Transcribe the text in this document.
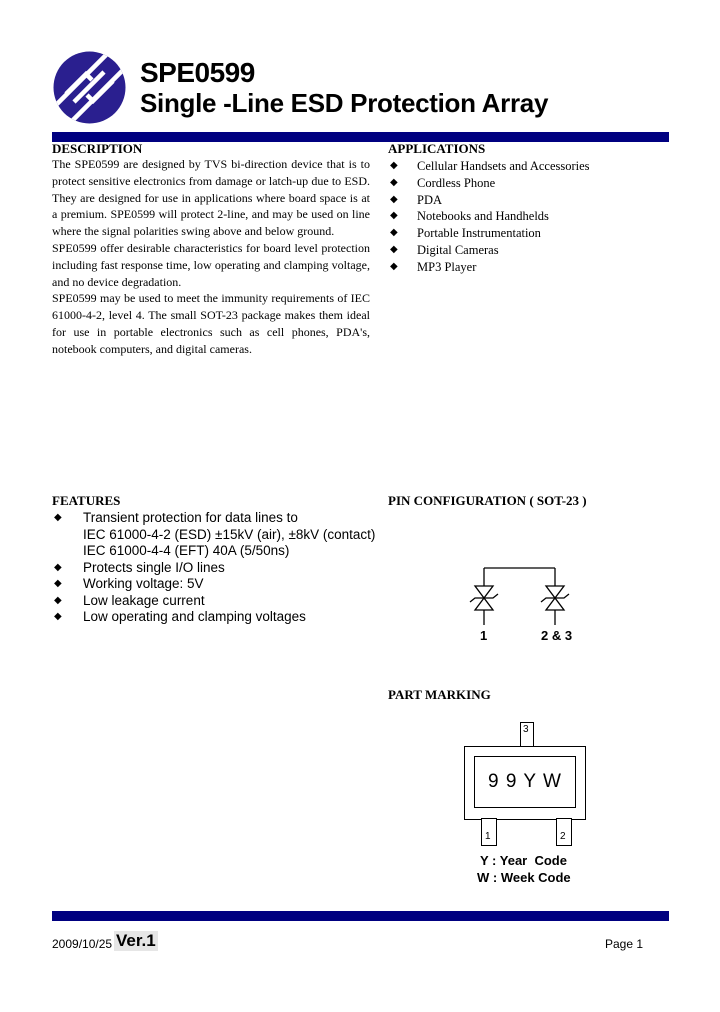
SPE0599
Single -Line ESD Protection Array
DESCRIPTION

The SPE0599 are designed by TVS bi-direction device that is to protect sensitive electronics from damage or latch-up due to ESD. They are designed for use in applications where board space is at a premium. SPE0599 will protect 2-line, and may be used on line where the signal polarities swing above and below ground.

SPE0599 offer desirable characteristics for board level protection including fast response time, low operating and clamping voltage, and no device degradation.

SPE0599 may be used to meet the immunity requirements of IEC 61000-4-2, level 4. The small SOT-23 package makes them ideal for use in portable electronics such as cell phones, PDA's, notebook computers, and digital cameras.

APPLICATIONS
◆ Cellular Handsets and Accessories
◆ Cordless Phone
◆ PDA
◆ Notebooks and Handhelds
◆ Portable Instrumentation
◆ Digital Cameras
◆ MP3 Player
FEATURES
◆ Transient protection for data lines to
IEC 61000-4-2 (ESD) ±15kV (air), ±8kV (contact)
IEC 61000-4-4 (EFT) 40A (5/50ns)
◆ Protects single I/O lines
◆ Working voltage: 5V
◆ Low leakage current
◆ Low operating and clamping voltages
PIN CONFIGURATION ( SOT-23 )
1	2 & 3
PART MARKING
3
9 9 Y W
1	2
Y : Year  Code
W : Week Code
2009/10/25 Ver.1	Page 1
